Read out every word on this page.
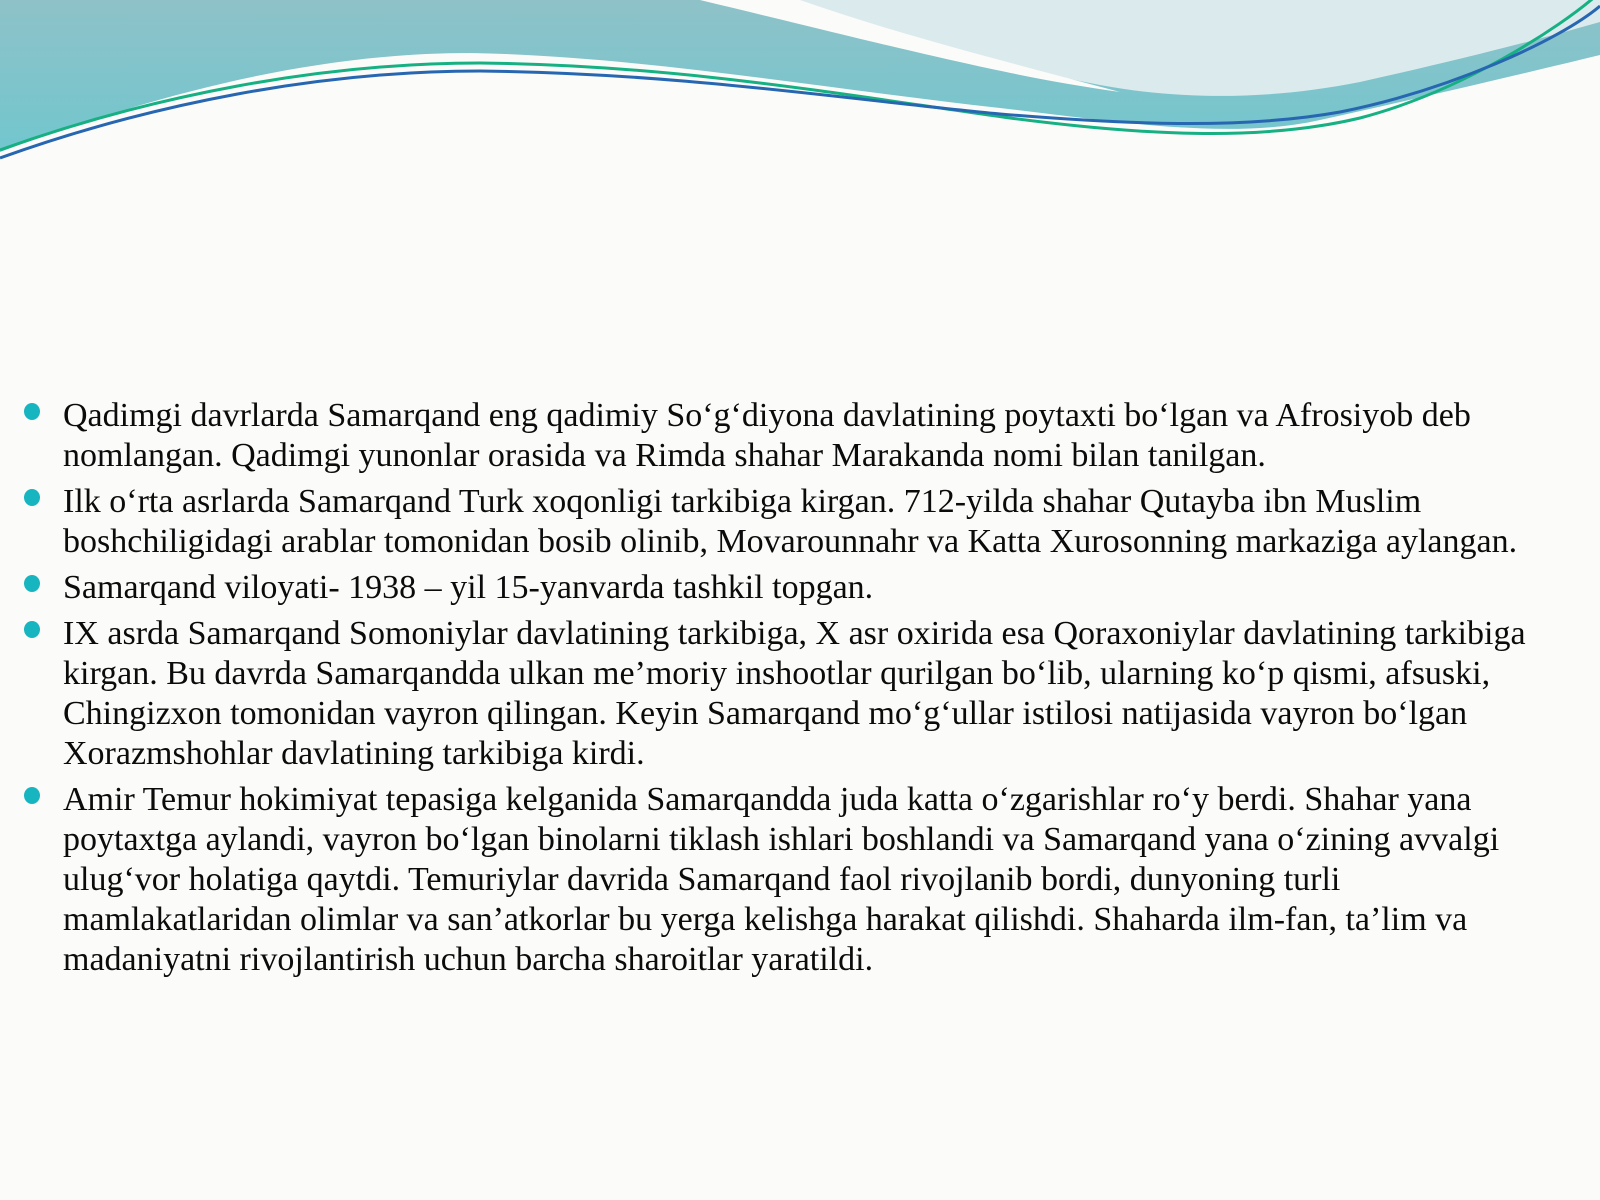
Qadimgi davrlarda Samarqand eng qadimiy So‘g‘diyona davlatining poytaxti bo‘lgan va Afrosiyob deb nomlangan. Qadimgi yunonlar orasida va Rimda shahar Marakanda nomi bilan tanilgan.
Ilk o‘rta asrlarda Samarqand Turk xoqonligi tarkibiga kirgan. 712-yilda shahar Qutayba ibn Muslim boshchiligidagi arablar tomonidan bosib olinib, Movarounnahr va Katta Xurosonning markaziga aylangan.
Samarqand viloyati- 1938 – yil 15-yanvarda tashkil topgan.
IX asrda Samarqand Somoniylar davlatining tarkibiga, X asr oxirida esa Qoraxoniylar davlatining tarkibiga kirgan. Bu davrda Samarqandda ulkan me’moriy inshootlar qurilgan bo‘lib, ularning ko‘p qismi, afsuski, Chingizxon tomonidan vayron qilingan. Keyin Samarqand mo‘g‘ullar istilosi natijasida vayron bo‘lgan Xorazmshohlar davlatining tarkibiga kirdi.
Amir Temur hokimiyat tepasiga kelganida Samarqandda juda katta o‘zgarishlar ro‘y berdi. Shahar yana poytaxtga aylandi, vayron bo‘lgan binolarni tiklash ishlari boshlandi va Samarqand yana o‘zining avvalgi ulug‘vor holatiga qaytdi. Temuriylar davrida Samarqand faol rivojlanib bordi, dunyoning turli mamlakatlaridan olimlar va san’atkorlar bu yerga kelishga harakat qilishdi. Shaharda ilm-fan, ta’lim va madaniyatni rivojlantirish uchun barcha sharoitlar yaratildi.
